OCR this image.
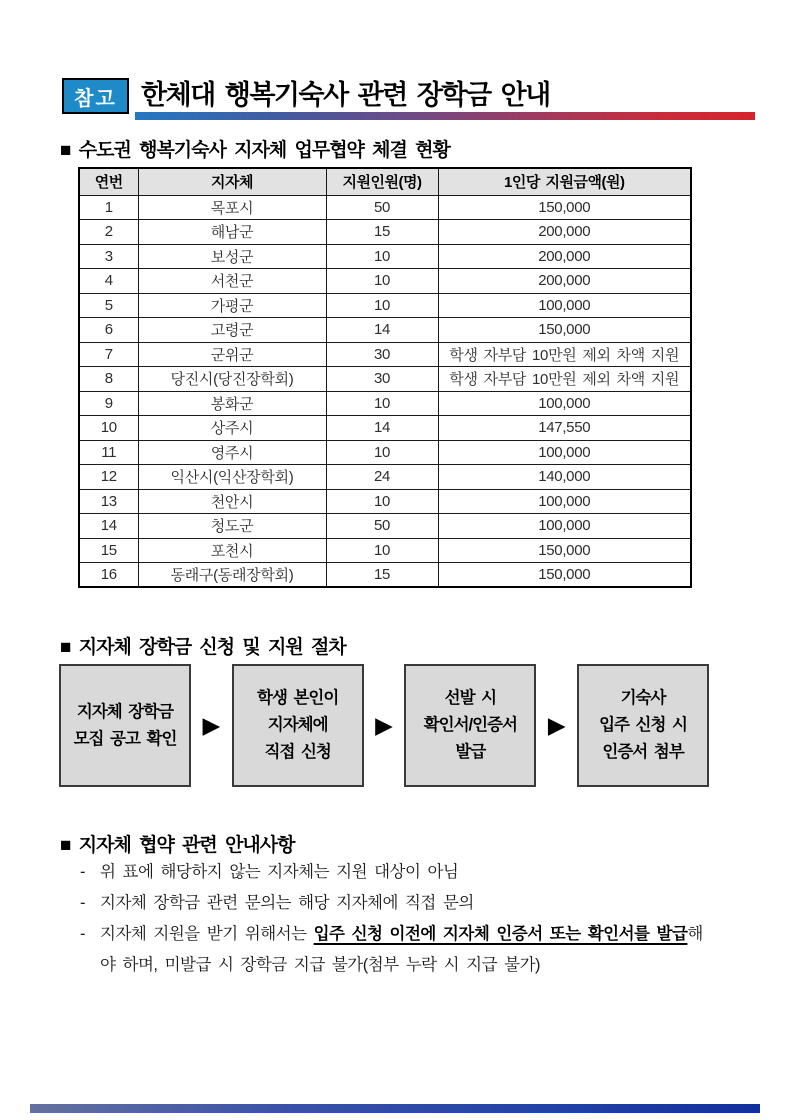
참고 한체대 행복기숙사 관련 장학금 안내
■ 수도권 행복기숙사 지자체 업무협약 체결 현황
연번	지자체	지원인원(명)	1인당 지원금액(원)
1	목포시	50	150,000
2	해남군	15	200,000
3	보성군	10	200,000
4	서천군	10	200,000
5	가평군	10	100,000
6	고령군	14	150,000
7	군위군	30	학생 자부담 10만원 제외 차액 지원
8	당진시(당진장학회)	30	학생 자부담 10만원 제외 차액 지원
9	봉화군	10	100,000
10	상주시	14	147,550
11	영주시	10	100,000
12	익산시(익산장학회)	24	140,000
13	천안시	10	100,000
14	청도군	50	100,000
15	포천시	10	150,000
16	동래구(동래장학회)	15	150,000
■ 지자체 장학금 신청 및 지원 절차
지자체 장학금
모집 공고 확인
▶
학생 본인이
지자체에
직접 신청
▶
선발 시
확인서/인증서
발급
▶
기숙사
입주 신청 시
인증서 첨부
■ 지자체 협약 관련 안내사항
- 위 표에 해당하지 않는 지자체는 지원 대상이 아님
- 지자체 장학금 관련 문의는 해당 지자체에 직접 문의
- 지자체 지원을 받기 위해서는 입주 신청 이전에 지자체 인증서 또는 확인서를 발급해야 하며, 미발급 시 장학금 지급 불가(첨부 누락 시 지급 불가)
